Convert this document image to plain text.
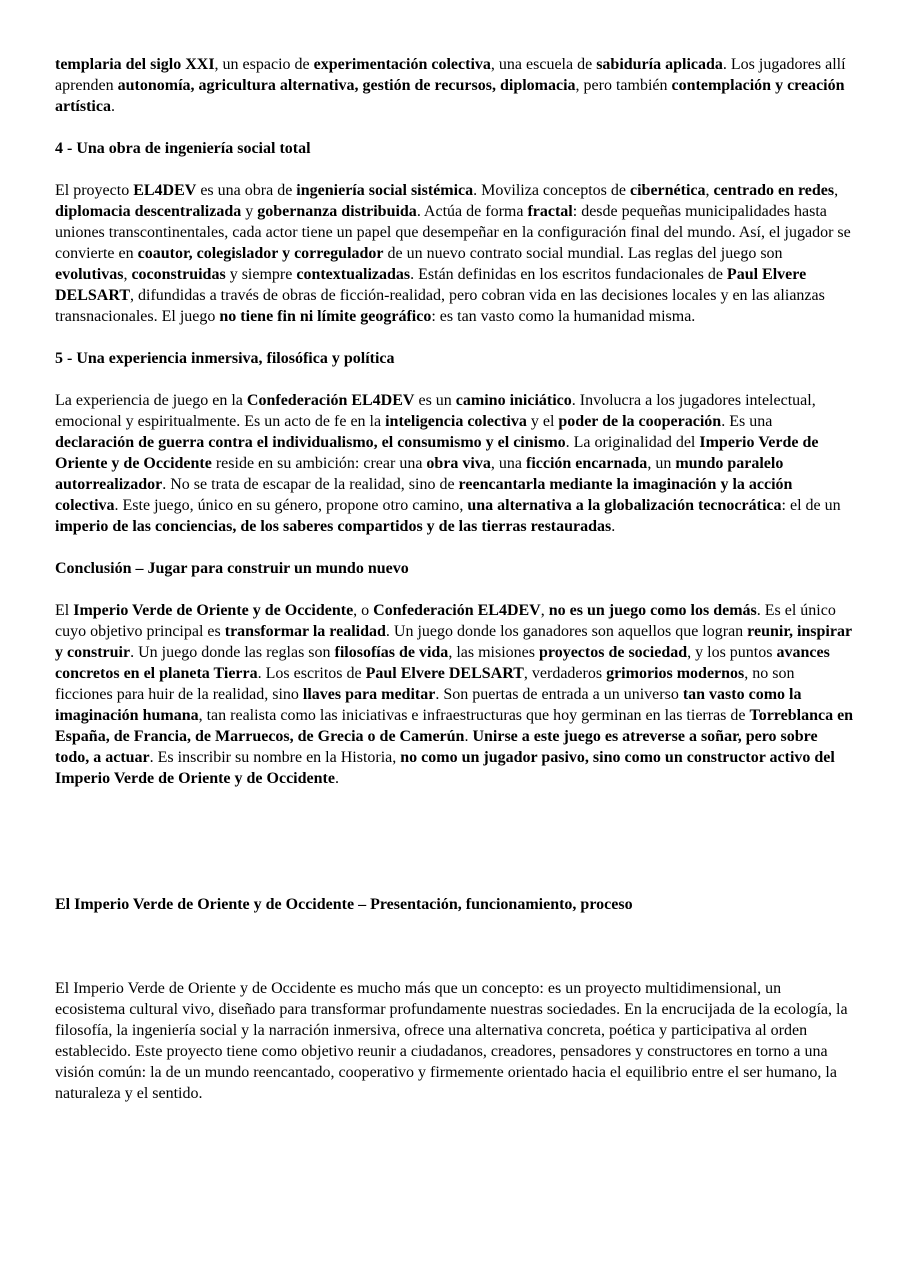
templaria del siglo XXI, un espacio de experimentación colectiva, una escuela de sabiduría aplicada. Los jugadores allí aprenden autonomía, agricultura alternativa, gestión de recursos, diplomacia, pero también contemplación y creación artística.

4 - Una obra de ingeniería social total

El proyecto EL4DEV es una obra de ingeniería social sistémica. Moviliza conceptos de cibernética, centrado en redes, diplomacia descentralizada y gobernanza distribuida. Actúa de forma fractal: desde pequeñas municipalidades hasta uniones transcontinentales, cada actor tiene un papel que desempeñar en la configuración final del mundo. Así, el jugador se convierte en coautor, colegislador y corregulador de un nuevo contrato social mundial. Las reglas del juego son evolutivas, coconstruidas y siempre contextualizadas. Están definidas en los escritos fundacionales de Paul Elvere DELSART, difundidas a través de obras de ficción-realidad, pero cobran vida en las decisiones locales y en las alianzas transnacionales. El juego no tiene fin ni límite geográfico: es tan vasto como la humanidad misma.

5 - Una experiencia inmersiva, filosófica y política

La experiencia de juego en la Confederación EL4DEV es un camino iniciático. Involucra a los jugadores intelectual, emocional y espiritualmente. Es un acto de fe en la inteligencia colectiva y el poder de la cooperación. Es una declaración de guerra contra el individualismo, el consumismo y el cinismo. La originalidad del Imperio Verde de Oriente y de Occidente reside en su ambición: crear una obra viva, una ficción encarnada, un mundo paralelo autorrealizador. No se trata de escapar de la realidad, sino de reencantarla mediante la imaginación y la acción colectiva. Este juego, único en su género, propone otro camino, una alternativa a la globalización tecnocrática: el de un imperio de las conciencias, de los saberes compartidos y de las tierras restauradas.

Conclusión – Jugar para construir un mundo nuevo

El Imperio Verde de Oriente y de Occidente, o Confederación EL4DEV, no es un juego como los demás. Es el único cuyo objetivo principal es transformar la realidad. Un juego donde los ganadores son aquellos que logran reunir, inspirar y construir. Un juego donde las reglas son filosofías de vida, las misiones proyectos de sociedad, y los puntos avances concretos en el planeta Tierra. Los escritos de Paul Elvere DELSART, verdaderos grimorios modernos, no son ficciones para huir de la realidad, sino llaves para meditar. Son puertas de entrada a un universo tan vasto como la imaginación humana, tan realista como las iniciativas e infraestructuras que hoy germinan en las tierras de Torreblanca en España, de Francia, de Marruecos, de Grecia o de Camerún. Unirse a este juego es atreverse a soñar, pero sobre todo, a actuar. Es inscribir su nombre en la Historia, no como un jugador pasivo, sino como un constructor activo del Imperio Verde de Oriente y de Occidente.

El Imperio Verde de Oriente y de Occidente – Presentación, funcionamiento, proceso

El Imperio Verde de Oriente y de Occidente es mucho más que un concepto: es un proyecto multidimensional, un ecosistema cultural vivo, diseñado para transformar profundamente nuestras sociedades. En la encrucijada de la ecología, la filosofía, la ingeniería social y la narración inmersiva, ofrece una alternativa concreta, poética y participativa al orden establecido. Este proyecto tiene como objetivo reunir a ciudadanos, creadores, pensadores y constructores en torno a una visión común: la de un mundo reencantado, cooperativo y firmemente orientado hacia el equilibrio entre el ser humano, la naturaleza y el sentido.
